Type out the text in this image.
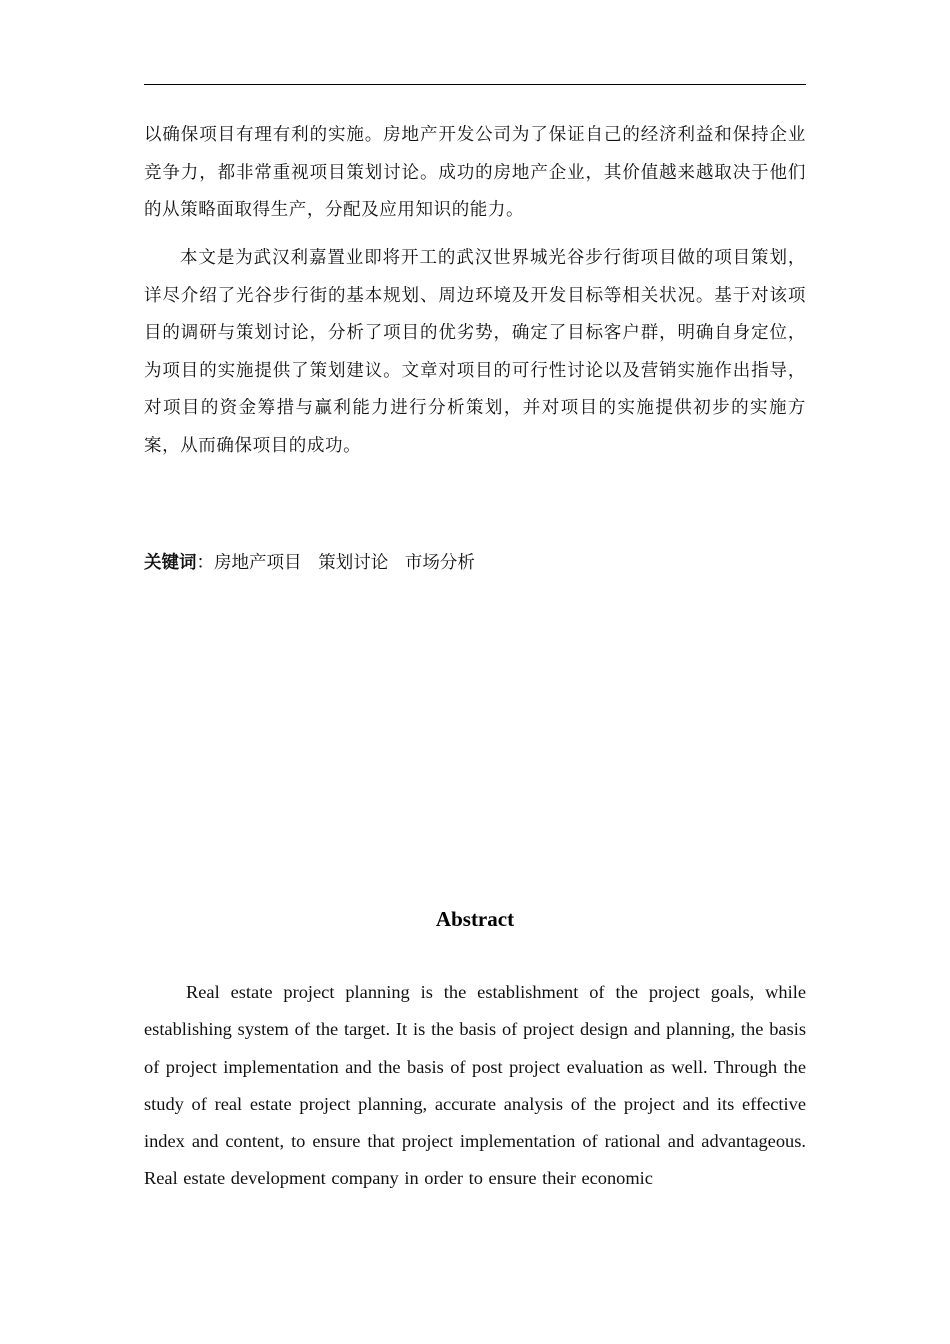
以确保项目有理有利的实施。房地产开发公司为了保证自己的经济利益和保持企业竞争力，都非常重视项目策划讨论。成功的房地产企业，其价值越来越取决于他们的从策略面取得生产，分配及应用知识的能力。

本文是为武汉利嘉置业即将开工的武汉世界城光谷步行街项目做的项目策划，详尽介绍了光谷步行街的基本规划、周边环境及开发目标等相关状况。基于对该项目的调研与策划讨论，分析了项目的优劣势，确定了目标客户群，明确自身定位，为项目的实施提供了策划建议。文章对项目的可行性讨论以及营销实施作出指导，对项目的资金筹措与赢利能力进行分析策划，并对项目的实施提供初步的实施方案，从而确保项目的成功。

关键词：房地产项目   策划讨论   市场分析
Abstract

Real estate project planning is the establishment of the project goals, while establishing system of the target. It is the basis of project design and planning, the basis of project implementation and the basis of post project evaluation as well. Through the study of real estate project planning, accurate analysis of the project and its effective index and content, to ensure that project implementation of rational and advantageous. Real estate development company in order to ensure their economic
